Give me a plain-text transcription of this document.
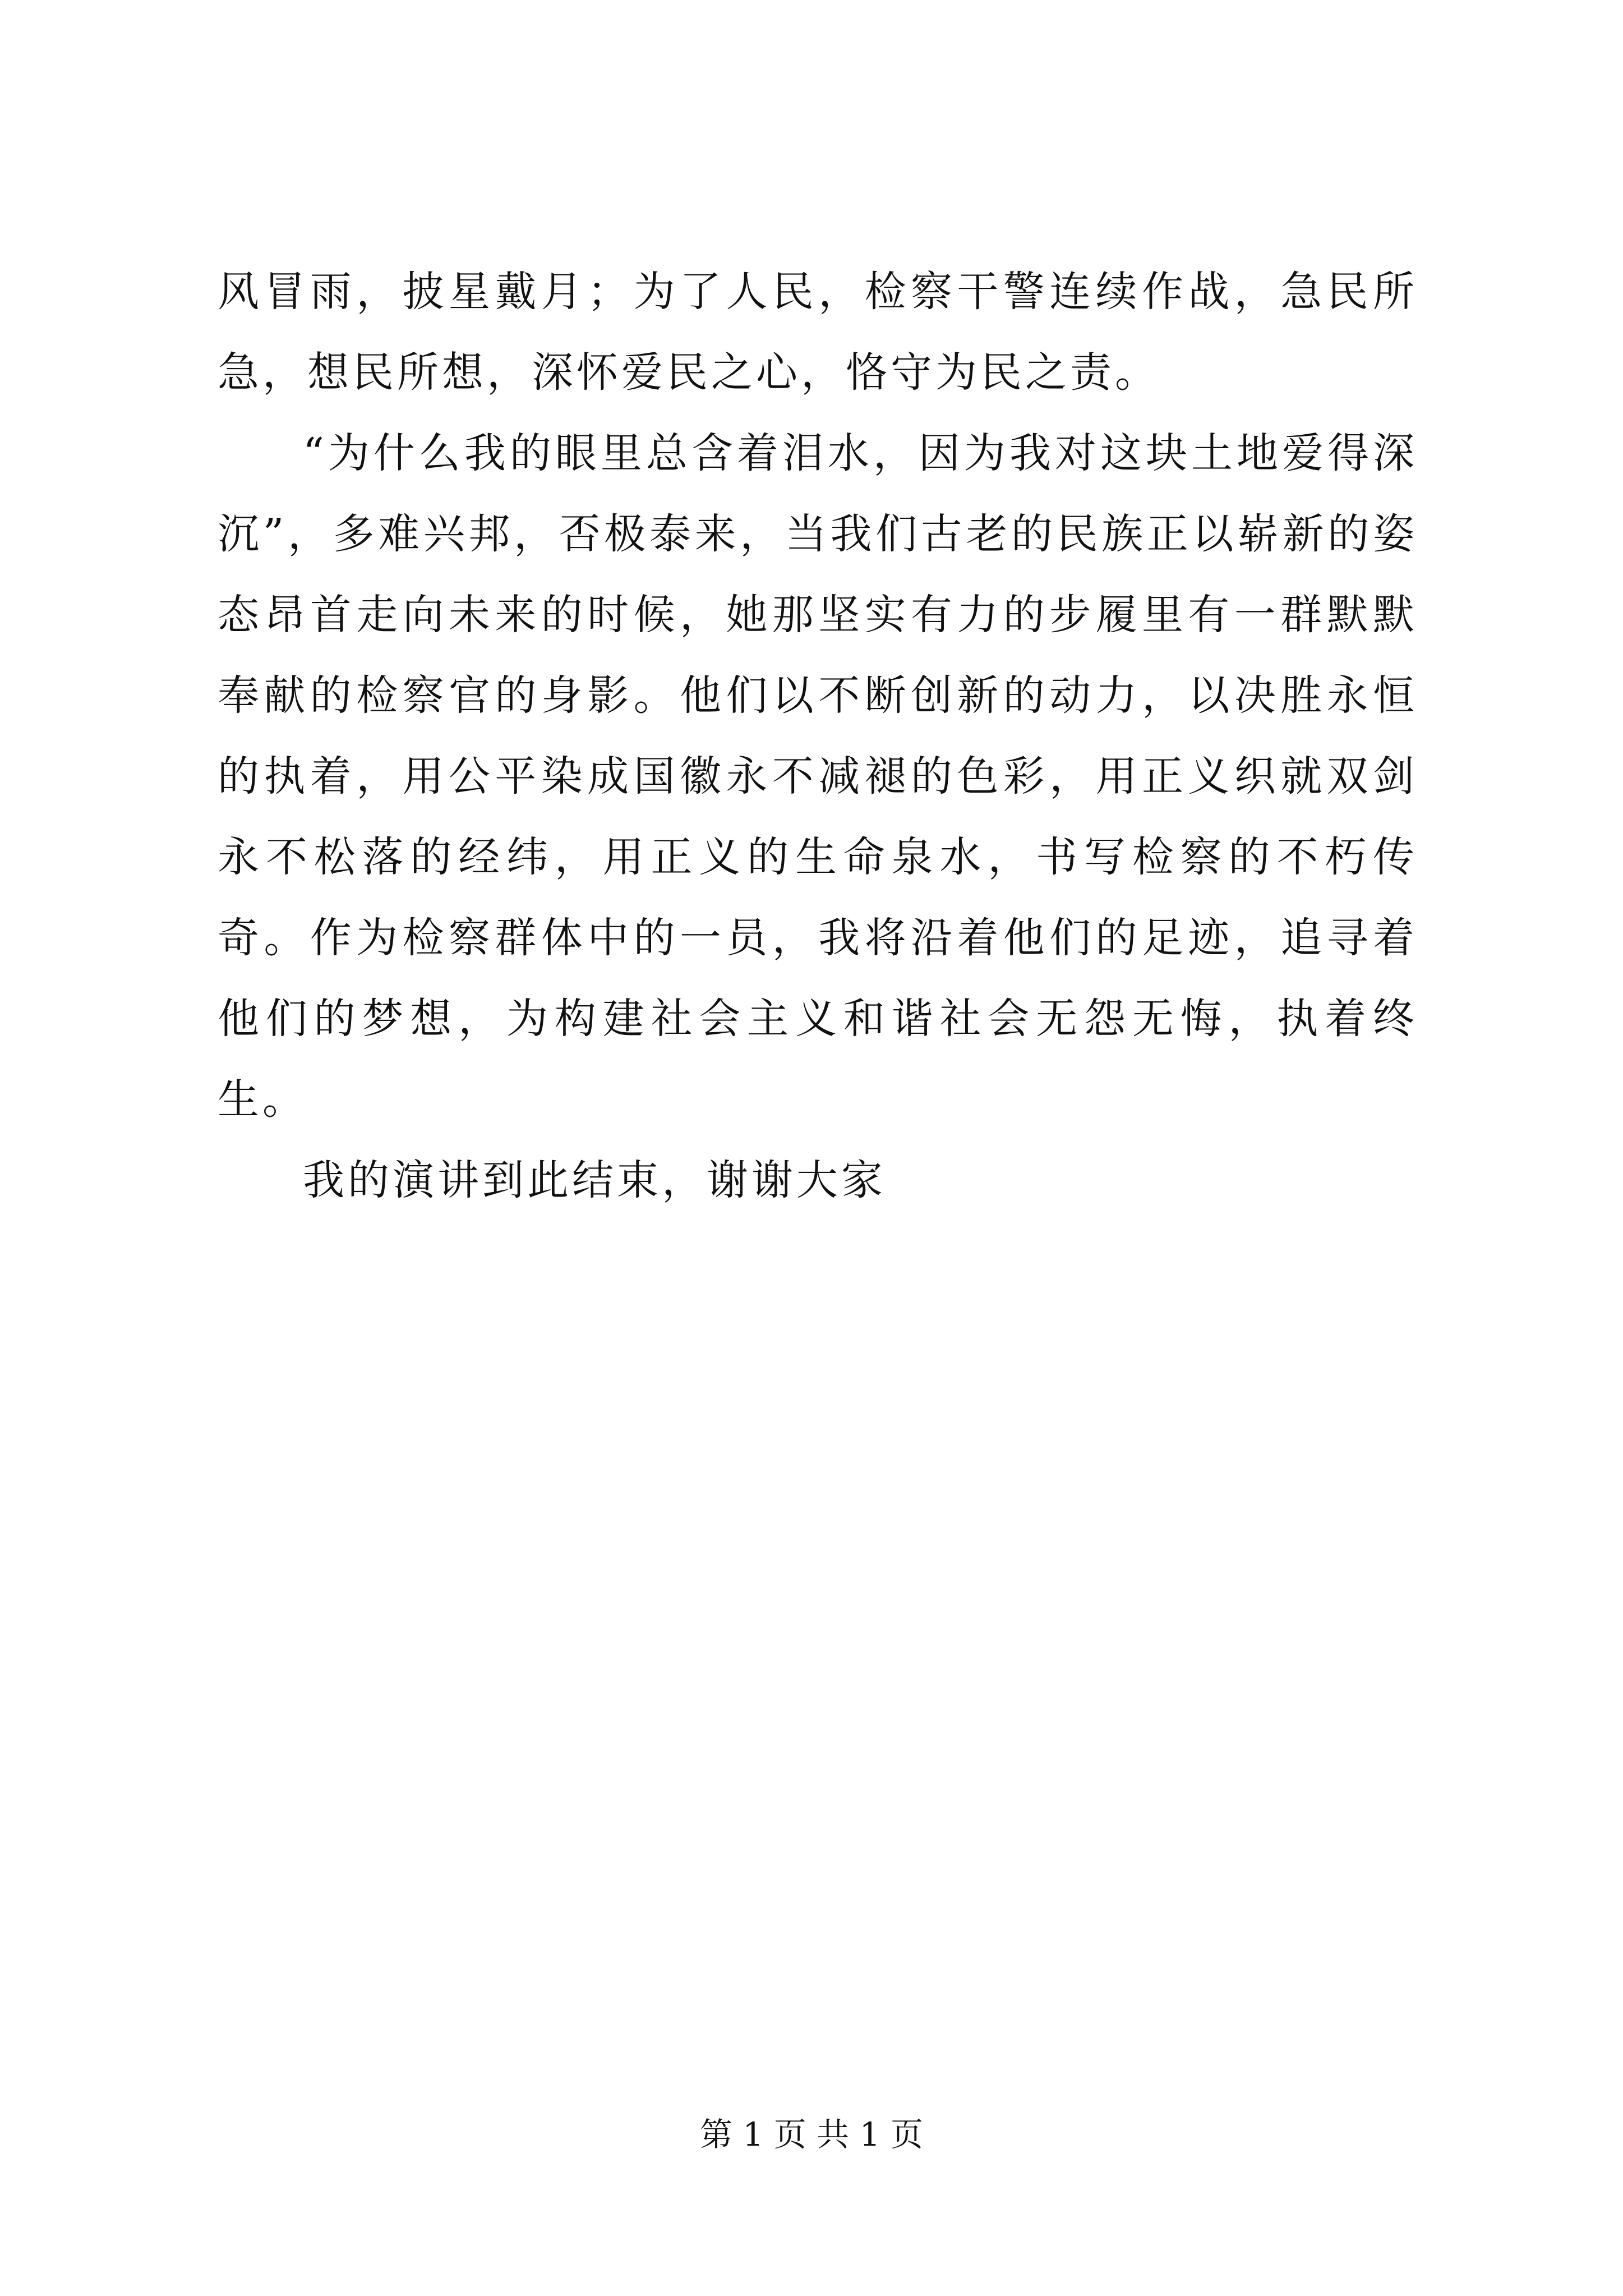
风冒雨，披星戴月；为了人民，检察干警连续作战，急民所急，想民所想，深怀爱民之心，恪守为民之责。

“为什么我的眼里总含着泪水，因为我对这块土地爱得深沉”，多难兴邦，否极泰来，当我们古老的民族正以崭新的姿态昂首走向未来的时候，她那坚实有力的步履里有一群默默奉献的检察官的身影。他们以不断创新的动力，以决胜永恒的执着，用公平染成国徽永不减褪的色彩，用正义织就双剑永不松落的经纬，用正义的生命泉水，书写检察的不朽传奇。作为检察群体中的一员，我将沿着他们的足迹，追寻着他们的梦想，为构建社会主义和谐社会无怨无悔，执着终生。

我的演讲到此结束，谢谢大家

第 1 页 共 1 页
